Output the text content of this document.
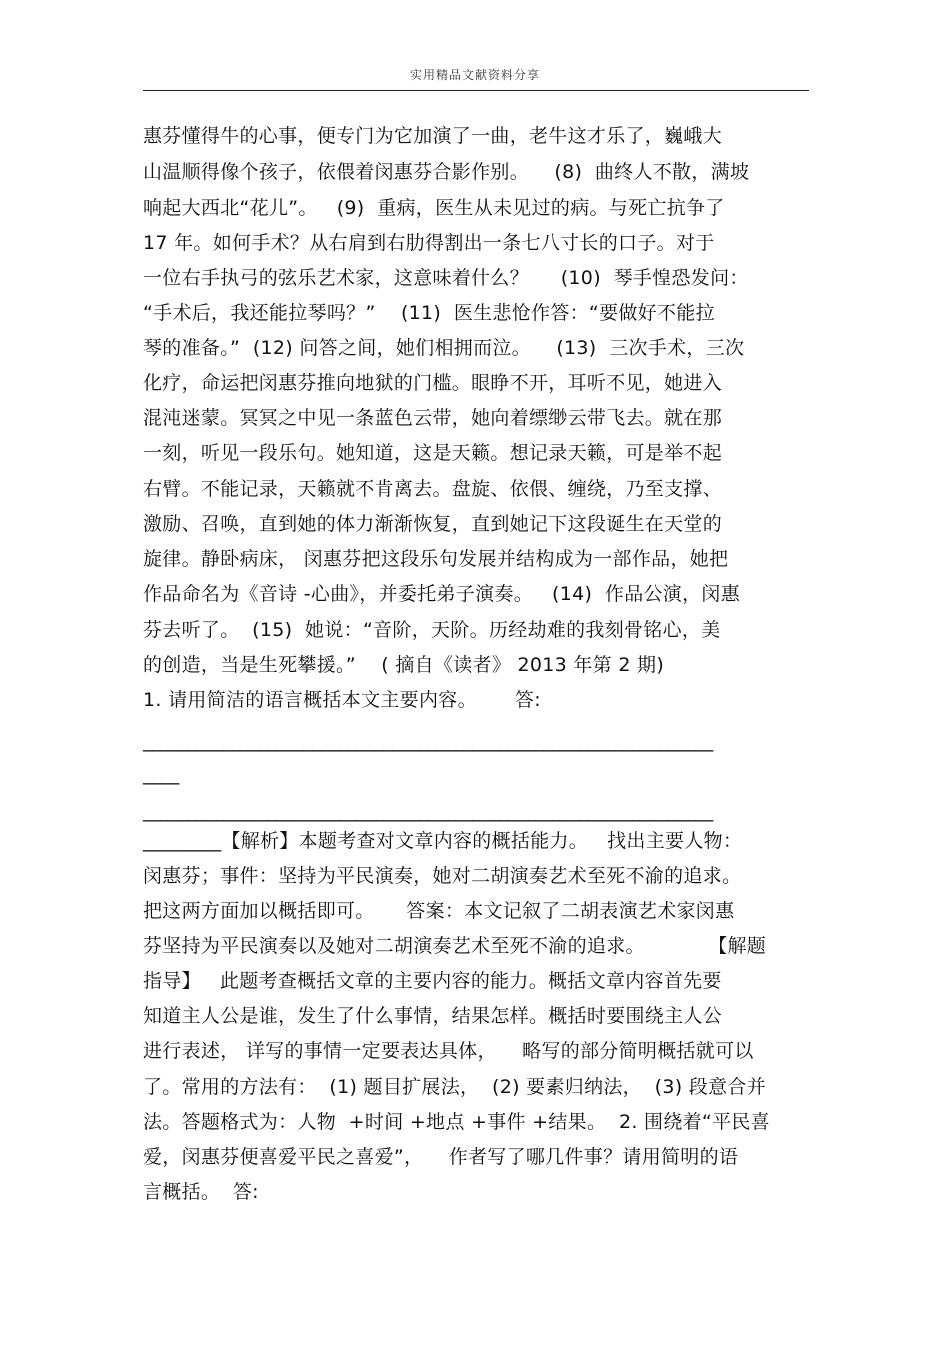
实用精品文献资料分享
惠芬懂得牛的心事，便专门为它加演了一曲，老牛这才乐了，巍峨大
山温顺得像个孩子，依偎着闵惠芬合影作别。    (8)  曲终人不散，满坡
响起大西北“花儿”。   (9)  重病，医生从未见过的病。与死亡抗争了
17 年。如何手术？从右肩到右肋得割出一条七八寸长的口子。对于
一位右手执弓的弦乐艺术家，这意味着什么？     (10)  琴手惶恐发问：
“手术后，我还能拉琴吗？”    (11)  医生悲怆作答：“要做好不能拉
琴的准备。”  (12) 问答之间，她们相拥而泣。    (13)  三次手术，三次
化疗，命运把闵惠芬推向地狱的门槛。眼睁不开，耳听不见，她进入
混沌迷蒙。冥冥之中见一条蓝色云带，她向着缥缈云带飞去。就在那
一刻，听见一段乐句。她知道，这是天籁。想记录天籁，可是举不起
右臂。不能记录，天籁就不肯离去。盘旋、依偎、缠绕，乃至支撑、
激励、召唤，直到她的体力渐渐恢复，直到她记下这段诞生在天堂的
旋律。静卧病床， 闵惠芬把这段乐句发展并结构成为一部作品，她把
作品命名为《音诗 -心曲》，并委托弟子演奏。   (14)  作品公演，闵惠
芬去听了。  (15)  她说：“音阶，天阶。历经劫难的我刻骨铭心，美
的创造，当是生死攀援。”    ( 摘自《读者》 2013 年第 2 期)
1. 请用简洁的语言概括本文主要内容。      答:
________________________________________________________________
____
________________________________________________________________
________【解析】本题考查对文章内容的概括能力。   找出主要人物：
闵惠芬；事件：坚持为平民演奏，她对二胡演奏艺术至死不渝的追求。
把这两方面加以概括即可。     答案：本文记叙了二胡表演艺术家闵惠
芬坚持为平民演奏以及她对二胡演奏艺术至死不渝的追求。          【解题
指导】   此题考查概括文章的主要内容的能力。概括文章内容首先要
知道主人公是谁，发生了什么事情，结果怎样。概括时要围绕主人公
进行表述， 详写的事情一定要表达具体，    略写的部分简明概括就可以
了。常用的方法有：  (1) 题目扩展法，  (2) 要素归纳法，  (3) 段意合并
法。答题格式为：人物  +时间 +地点 +事件 +结果。  2. 围绕着“平民喜
爱，闵惠芬便喜爱平民之喜爱”，    作者写了哪几件事？请用简明的语
言概括。  答:
